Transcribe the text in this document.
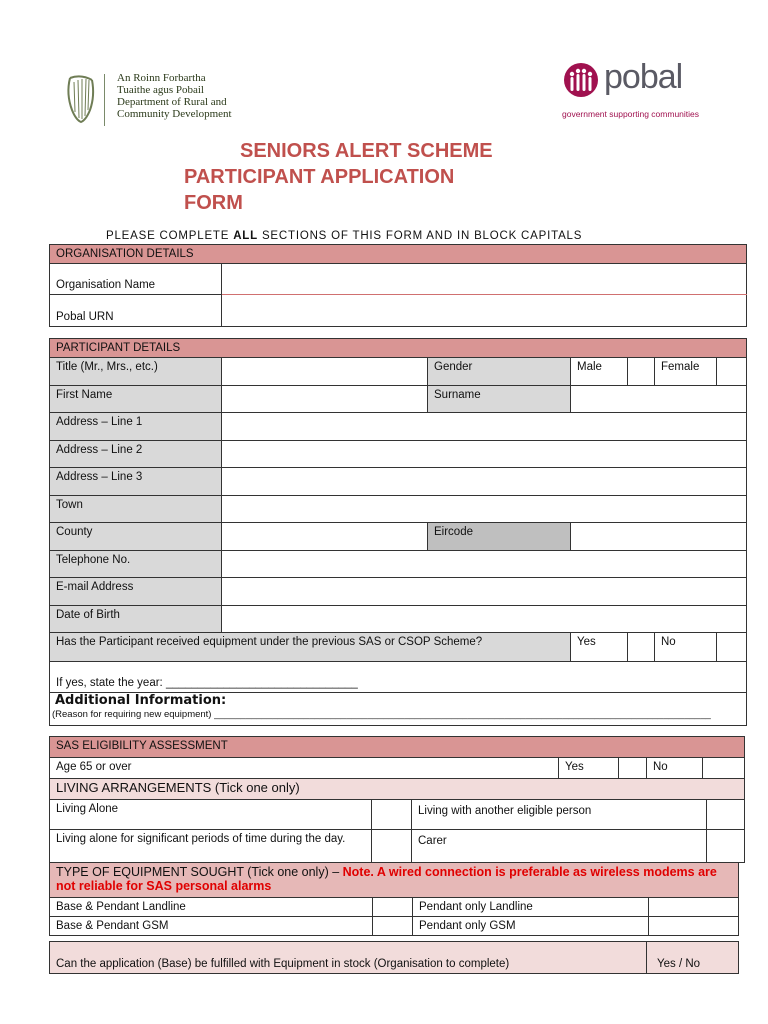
An Roinn Forbartha
Tuaithe agus Pobail
Department of Rural and
Community Development
pobal
government supporting communities
SENIORS ALERT SCHEME
PARTICIPANT APPLICATION
FORM
PLEASE COMPLETE ALL SECTIONS OF THIS FORM AND IN BLOCK CAPITALS
ORGANISATION DETAILS	
Organisation Name	
Pobal URN	
PARTICIPANT DETAILS						
Title (Mr., Mrs., etc.)		Gender	Male		Female	
First Name		Surname				
Address – Line 1						
Address – Line 2						
Address – Line 3						
Town						
County		Eircode				
Telephone No.						
E-mail Address						
Date of Birth						
Has the Participant received equipment under the previous SAS or CSOP Scheme?			Yes		No	
If yes, state the year: ______________________________						

Additional Information:
(Reason for requiring new equipment) ______________________________________________________________________________________________						
SAS ELIGIBILITY ASSESSMENT
Age 65 or over	Yes		No	
LIVING ARRANGEMENTS (Tick one only)
Living Alone		Living with another eligible person	
Living alone for significant periods of time during the day.		Carer	
TYPE OF EQUIPMENT SOUGHT (Tick one only) – Note. A wired connection is preferable as wireless modems are not reliable for SAS personal alarms			
Base & Pendant Landline		Pendant only Landline	
Base & Pendant GSM		Pendant only GSM	
Can the application (Base) be fulfilled with Equipment in stock (Organisation to complete)	Yes / No
